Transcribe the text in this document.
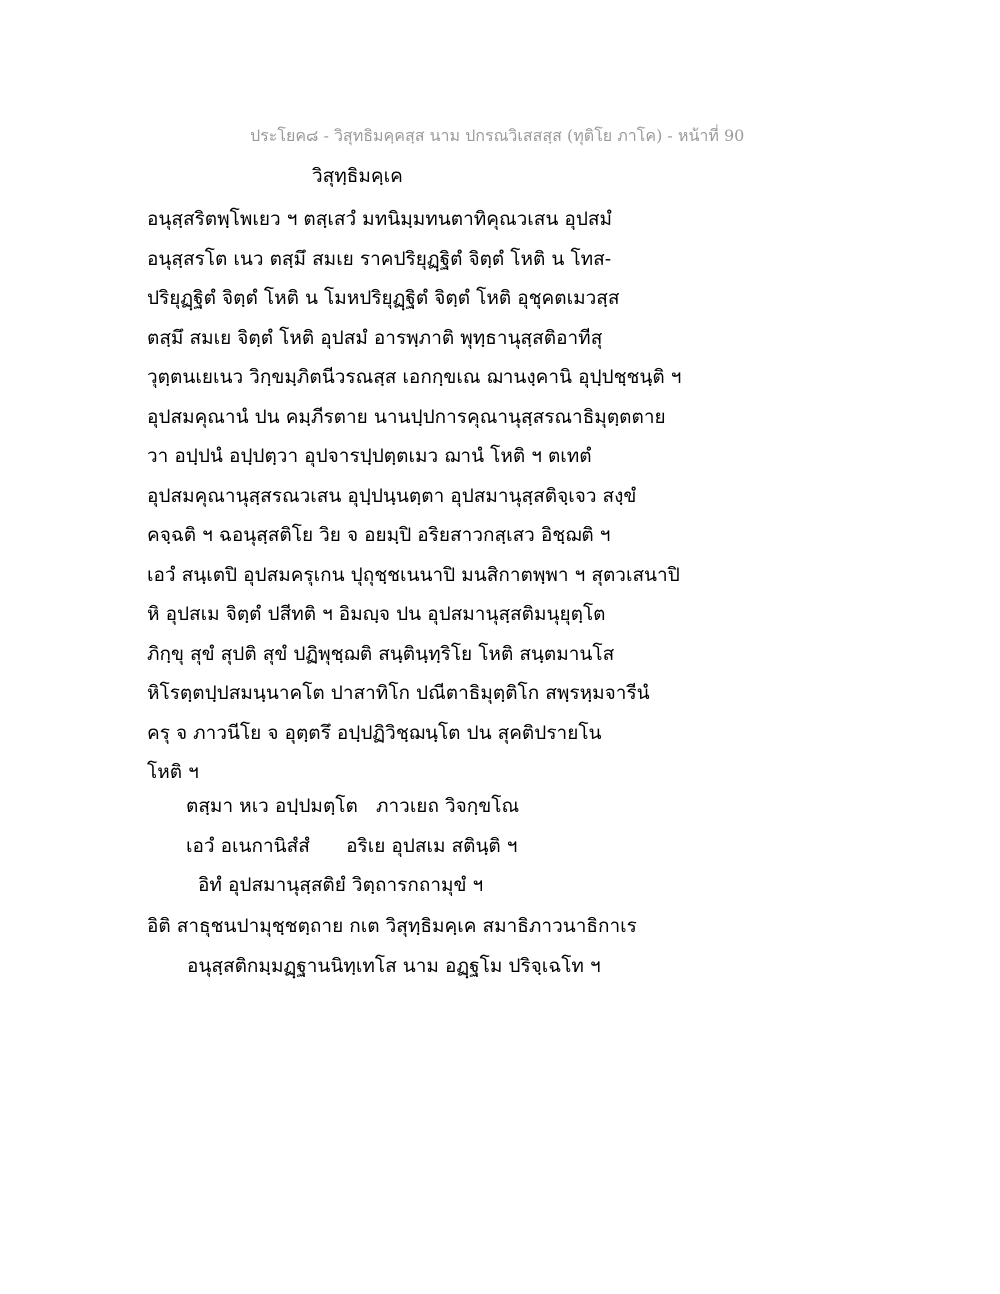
ประโยค๘ - วิสุทธิมคฺคสฺส นาม ปกรณวิเสสสฺส (ทุติโย ภาโค) - หน้าที่ 90
วิสุทฺธิมคฺเค
อนุสฺสริตพฺโพเยว ฯ ตสฺเสวํ มทนิมฺมทนตาทิคุณวเสน อุปสมํ
อนุสฺสรโต เนว ตสฺมึ สมเย ราคปริยุฏฺฐิตํ จิตฺตํ โหติ น โทส-
ปริยุฏฺฐิตํ จิตฺตํ โหติ น โมหปริยุฏฺฐิตํ จิตฺตํ โหติ อุชุคตเมวสฺส
ตสฺมึ สมเย จิตฺตํ โหติ อุปสมํ อารพฺภาติ พุทฺธานุสฺสติอาทีสุ
วุตฺตนเยเนว วิกฺขมฺภิตนีวรณสฺส เอกกฺขเณ ฌานงฺคานิ อุปฺปชฺชนฺติ ฯ
อุปสมคุณานํ ปน คมฺภีรตาย นานปฺปการคุณานุสฺสรณาธิมุตฺตตาย
วา อปฺปนํ อปฺปตฺวา อุปจารปฺปตฺตเมว ฌานํ โหติ ฯ ตเทตํ
อุปสมคุณานุสฺสรณวเสน อุปฺปนฺนตฺตา อุปสมานุสฺสติจฺเจว สงฺขํ
คจฺฉติ ฯ ฉอนุสฺสติโย วิย จ อยมฺปิ อริยสาวกสฺเสว อิชฺฌติ ฯ
เอวํ สนฺเตปิ อุปสมครุเกน ปุถุชฺชเนนาปิ มนสิกาตพฺพา ฯ สุตวเสนาปิ
หิ อุปสเม จิตฺตํ ปสีทติ ฯ อิมญฺจ ปน อุปสมานุสฺสติมนุยุตฺโต
ภิกฺขุ สุขํ สุปติ สุขํ ปฏิพุชฺฌติ สนฺตินฺทฺริโย โหติ สนฺตมานโส
หิโรตฺตปฺปสมนฺนาคโต ปาสาทิโก ปณีตาธิมุตฺติโก สพฺรหฺมจารีนํ
ครุ จ ภาวนีโย จ อุตฺตรึ อปฺปฏิวิชฺฌนฺโต ปน สุคติปรายโน
โหติ ฯ
ตสฺมา หเว อปฺปมตฺโต   ภาวเยถ วิจกฺขโณ
เอวํ อเนกานิสํสํ      อริเย อุปสเม สตินฺติ ฯ
อิทํ อุปสมานุสฺสติยํ วิตฺถารกถามุขํ ฯ
อิติ สาธุชนปามุชฺชตฺถาย กเต วิสุทฺธิมคฺเค สมาธิภาวนาธิกาเร
อนุสฺสติกมฺมฏฺฐานนิทฺเทโส นาม อฏฺฐโม ปริจฺเฉโท ฯ
